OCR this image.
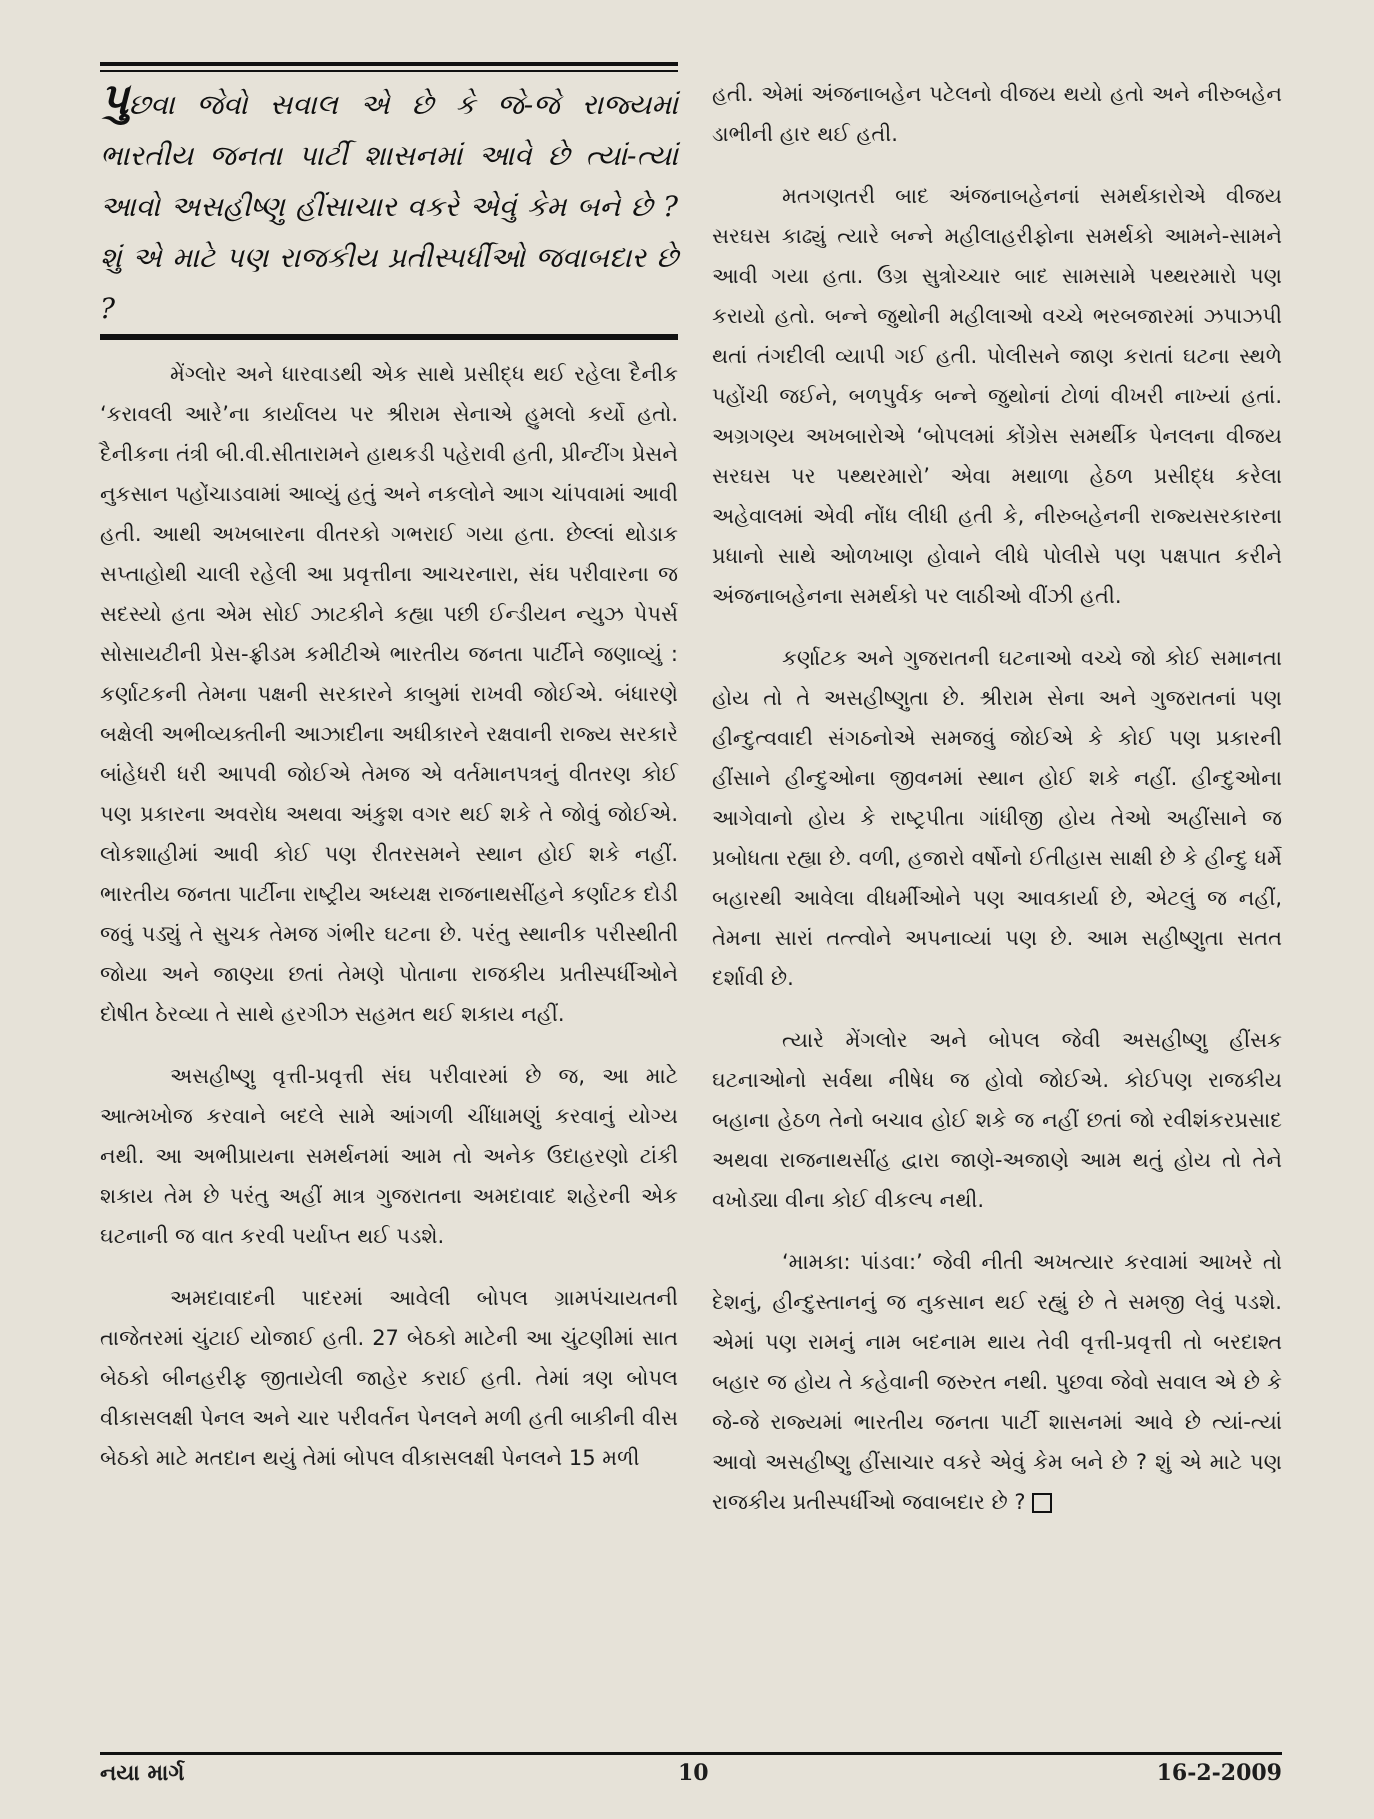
પુછવા જેવો સવાલ એ છે કે જે-જે રાજ્યમાં ભારતીય જનતા પાર્ટી શાસનમાં આવે છે ત્યાં-ત્યાં આવો અસહીષ્ણુ હીંસાચાર વકરે એવું કેમ બને છે ? શું એ માટે પણ રાજકીય પ્રતીસ્પર્ધીઓ જવાબદાર છે ?

મેંગ્લોર અને ધારવાડથી એક સાથે પ્રસીદ્ધ થઈ રહેલા દૈનીક ‘કરાવલી આરે’ના કાર્યાલય પર શ્રીરામ સેનાએ હુમલો કર્યો હતો. દૈનીકના તંત્રી બી.વી.સીતારામને હાથકડી પહેરાવી હતી, પ્રીન્ટીંગ પ્રેસને નુકસાન પહોંચાડવામાં આવ્યું હતું અને નકલોને આગ ચાંપવામાં આવી હતી. આથી અખબારના વીતરકો ગભરાઈ ગયા હતા. છેલ્લાં થોડાક સપ્તાહોથી ચાલી રહેલી આ પ્રવૃત્તીના આચરનારા, સંઘ પરીવારના જ સદસ્યો હતા એમ સોઈ ઝાટકીને કહ્યા પછી ઈન્ડીયન ન્યુઝ પેપર્સ સોસાયટીની પ્રેસ-ફ્રીડમ કમીટીએ ભારતીય જનતા પાર્ટીને જણાવ્યું : કર્ણાટકની તેમના પક્ષની સરકારને કાબુમાં રાખવી જોઈએ. બંધારણે બક્ષેલી અભીવ્યક્તીની આઝાદીના અધીકારને રક્ષવાની રાજ્ય સરકારે બાંહેધરી ધરી આપવી જોઈએ તેમજ એ વર્તમાનપત્રનું વીતરણ કોઈ પણ પ્રકારના અવરોધ અથવા અંકુશ વગર થઈ શકે તે જોવું જોઈએ. લોકશાહીમાં આવી કોઈ પણ રીતરસમને સ્થાન હોઈ શકે નહીં. ભારતીય જનતા પાર્ટીના રાષ્ટ્રીય અધ્યક્ષ રાજનાથસીંહને કર્ણાટક દોડી જવું પડ્યું તે સુચક તેમજ ગંભીર ઘટના છે. પરંતુ સ્થાનીક પરીસ્થીતી જોયા અને જાણ્યા છતાં તેમણે પોતાના રાજકીય પ્રતીસ્પર્ધીઓને દોષીત ઠેરવ્યા તે સાથે હરગીઝ સહમત થઈ શકાય નહીં.

અસહીષ્ણુ વૃત્તી-પ્રવૃત્તી સંઘ પરીવારમાં છે જ, આ માટે આત્મખોજ કરવાને બદલે સામે આંગળી ચીંધામણું કરવાનું યોગ્ય નથી. આ અભીપ્રાયના સમર્થનમાં આમ તો અનેક ઉદાહરણો ટાંકી શકાય તેમ છે પરંતુ અહીં માત્ર ગુજરાતના અમદાવાદ શહેરની એક ઘટનાની જ વાત કરવી પર્યાપ્ત થઈ પડશે.

અમદાવાદની પાદરમાં આવેલી બોપલ ગ્રામપંચાયતની તાજેતરમાં ચુંટાઈ યોજાઈ હતી. 27 બેઠકો માટેની આ ચુંટણીમાં સાત બેઠકો બીનહરીફ જીતાયેલી જાહેર કરાઈ હતી. તેમાં ત્રણ બોપલ વીકાસલક્ષી પેનલ અને ચાર પરીવર્તન પેનલને મળી હતી બાકીની વીસ બેઠકો માટે મતદાન થયું તેમાં બોપલ વીકાસલક્ષી પેનલને 15 મળી

હતી. એમાં અંજનાબહેન પટેલનો વીજય થયો હતો અને નીરુબહેન ડાભીની હાર થઈ હતી.

મતગણતરી બાદ અંજનાબહેનનાં સમર્થકારોએ વીજય સરઘસ કાઢ્યું ત્યારે બન્ને મહીલાહરીફોના સમર્થકો આમને-સામને આવી ગયા હતા. ઉગ્ર સુત્રોચ્ચાર બાદ સામસામે પથ્થરમારો પણ કરાયો હતો. બન્ને જુથોની મહીલાઓ વચ્ચે ભરબજારમાં ઝપાઝપી થતાં તંગદીલી વ્યાપી ગઈ હતી. પોલીસને જાણ કરાતાં ઘટના સ્થળે પહોંચી જઈને, બળપુર્વક બન્ને જુથોનાં ટોળાં વીખરી નાખ્યાં હતાં. અગ્રગણ્ય અખબારોએ ‘બોપલમાં કોંગ્રેસ સમર્થીક પેનલના વીજય સરઘસ પર પથ્થરમારો’ એવા મથાળા હેઠળ પ્રસીદ્ધ કરેલા અહેવાલમાં એવી નોંધ લીધી હતી કે, નીરુબહેનની રાજ્યસરકારના પ્રધાનો સાથે ઓળખાણ હોવાને લીધે પોલીસે પણ પક્ષપાત કરીને અંજનાબહેનના સમર્થકો પર લાઠીઓ વીંઝી હતી.

કર્ણાટક અને ગુજરાતની ઘટનાઓ વચ્ચે જો કોઈ સમાનતા હોય તો તે અસહીષ્ણુતા છે. શ્રીરામ સેના અને ગુજરાતનાં પણ હીન્દુત્વવાદી સંગઠનોએ સમજવું જોઈએ કે કોઈ પણ પ્રકારની હીંસાને હીન્દુઓના જીવનમાં સ્થાન હોઈ શકે નહીં. હીન્દુઓના આગેવાનો હોય કે રાષ્ટ્રપીતા ગાંધીજી હોય તેઓ અહીંસાને જ પ્રબોધતા રહ્યા છે. વળી, હજારો વર્ષોનો ઈતીહાસ સાક્ષી છે કે હીન્દુ ધર્મે બહારથી આવેલા વીધર્મીઓને પણ આવકાર્યા છે, એટલું જ નહીં, તેમના સારાં તત્ત્વોને અપનાવ્યાં પણ છે. આમ સહીષ્ણુતા સતત દર્શાવી છે.

ત્યારે મેંગલોર અને બોપલ જેવી અસહીષ્ણુ હીંસક ઘટનાઓનો સર્વથા નીષેધ જ હોવો જોઈએ. કોઈપણ રાજકીય બહાના હેઠળ તેનો બચાવ હોઈ શકે જ નહીં છતાં જો રવીશંકરપ્રસાદ અથવા રાજનાથસીંહ દ્વારા જાણે-અજાણે આમ થતું હોય તો તેને વખોડ્યા વીના કોઈ વીકલ્પ નથી.

‘મામકા: પાંડવા:’ જેવી નીતી અખત્યાર કરવામાં આખરે તો દેશનું, હીન્દુસ્તાનનું જ નુકસાન થઈ રહ્યું છે તે સમજી લેવું પડશે. એમાં પણ રામનું નામ બદનામ થાય તેવી વૃત્તી-પ્રવૃત્તી તો બરદાશ્ત બહાર જ હોય તે કહેવાની જરુરત નથી. પુછવા જેવો સવાલ એ છે કે જે-જે રાજ્યમાં ભારતીય જનતા પાર્ટી શાસનમાં આવે છે ત્યાં-ત્યાં આવો અસહીષ્ણુ હીંસાચાર વકરે એવું કેમ બને છે ? શું એ માટે પણ રાજકીય પ્રતીસ્પર્ધીઓ જવાબદાર છે ?

નયા માર્ગ	10	16-2-2009
